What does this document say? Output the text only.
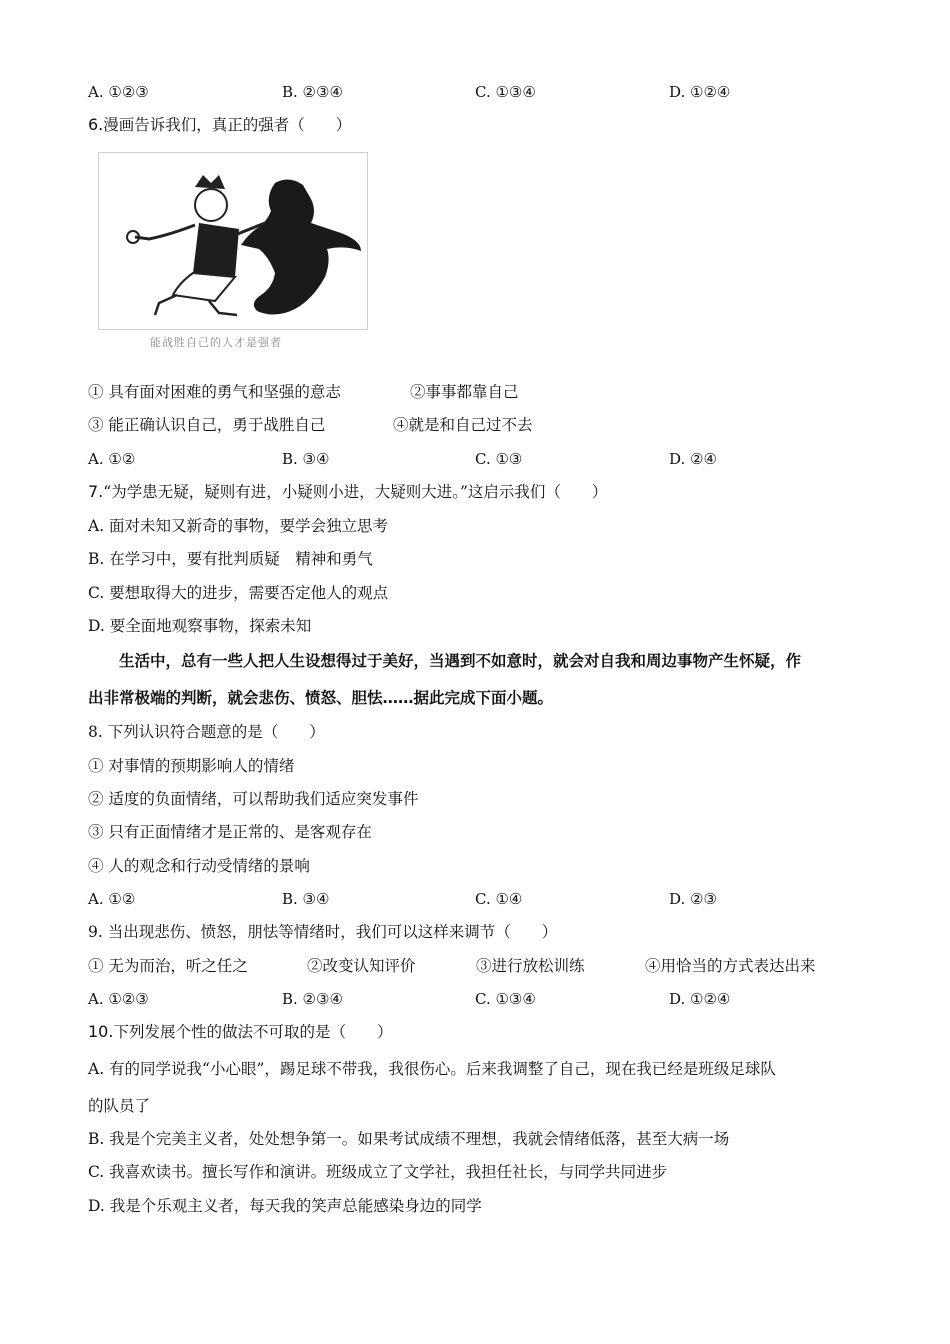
A. ①②③	B. ②③④	C. ①③④	D. ①②④
6.漫画告诉我们，真正的强者（　　）
能战胜自己的人才是强者
① 具有面对困难的勇气和坚强的意志	②事事都靠自己
③ 能正确认识自己，勇于战胜自己	④就是和自己过不去
A. ①②	B. ③④	C. ①③	D. ②④
7.“为学患无疑，疑则有进，小疑则小进，大疑则大进。”这启示我们（　　）
A. 面对未知又新奇的事物，要学会独立思考
B. 在学习中，要有批判质疑　精神和勇气
C. 要想取得大的进步，需要否定他人的观点
D. 要全面地观察事物，探索未知
生活中，总有一些人把人生设想得过于美好，当遇到不如意时，就会对自我和周边事物产生怀疑，作
出非常极端的判断，就会悲伤、愤怒、胆怯……据此完成下面小题。
8. 下列认识符合题意的是（　　）
① 对事情的预期影响人的情绪
② 适度的负面情绪，可以帮助我们适应突发事件
③ 只有正面情绪才是正常的、是客观存在
④ 人的观念和行动受情绪的景响
A. ①②	B. ③④	C. ①④	D. ②③
9. 当出现悲伤、愤怒，朋怯等情绪时，我们可以这样来调节（　　）
① 无为而治，听之任之	②改变认知评价	③进行放松训练	④用恰当的方式表达出来
A. ①②③	B. ②③④	C. ①③④	D. ①②④
10.下列发展个性的做法不可取的是（　　）
A. 有的同学说我“小心眼”，踢足球不带我，我很伤心。后来我调整了自己，现在我已经是班级足球队
的队员了
B. 我是个完美主义者，处处想争第一。如果考试成绩不理想，我就会情绪低落，甚至大病一场
C. 我喜欢读书。擅长写作和演讲。班级成立了文学社，我担任社长，与同学共同进步
D. 我是个乐观主义者，每天我的笑声总能感染身边的同学
